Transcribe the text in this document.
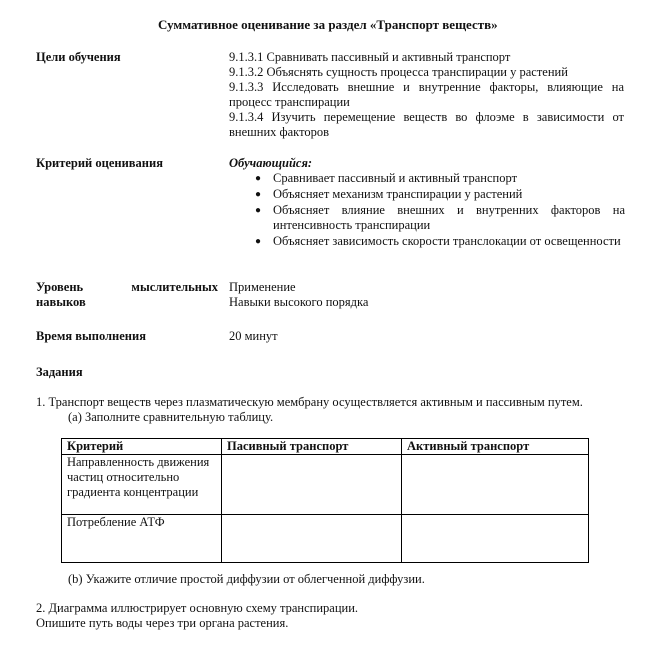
Суммативное оценивание за раздел «Транспорт веществ»
Цели обучения	9.1.3.1 Сравнивать пассивный и активный транспорт
9.1.3.2 Объяснять сущность процесса транспирации у растений
9.1.3.3 Исследовать внешние и внутренние факторы, влияющие на процесс транспирации
9.1.3.4 Изучить перемещение веществ во флоэме в зависимости от внешних факторов
Критерий оценивания	Обучающийся:
● Сравнивает пассивный и активный транспорт
● Объясняет механизм транспирации у растений
● Объясняет влияние внешних и внутренних факторов на интенсивность транспирации
● Объясняет зависимость скорости транслокации от освещенности
Уровень мыслительных навыков
Применение
Навыки высокого порядка
Время выполнения	20 минут
Задания
1. Транспорт веществ через плазматическую мембрану осуществляется активным и пассивным путем.
(a) Заполните сравнительную таблицу.
Критерий	Пасивный транспорт	Активный транспорт
Направленность движения частиц относительно градиента концентрации		
Потребление АТФ		
(b) Укажите отличие простой диффузии от облегченной диффузии.
2. Диаграмма иллюстрирует основную схему транспирации.
Опишите путь воды через три органа растения.
